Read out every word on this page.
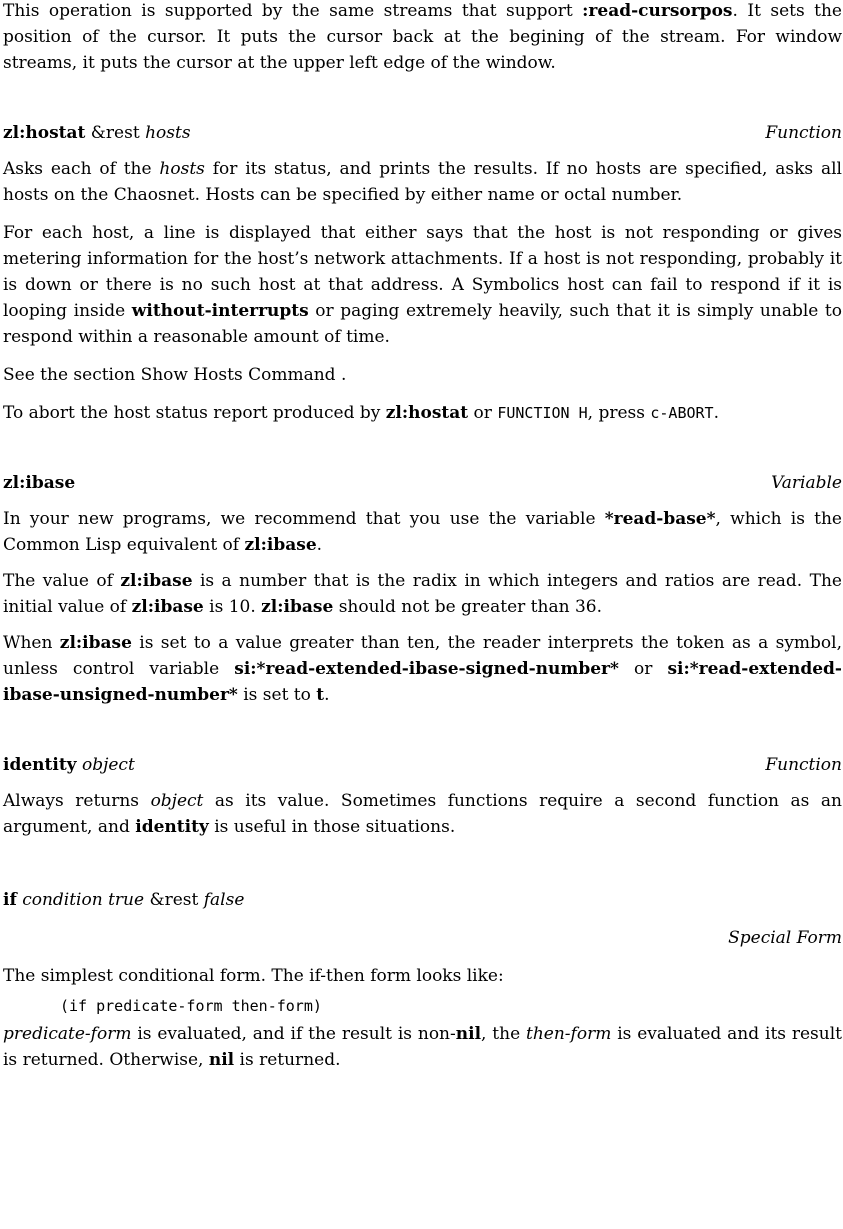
This operation is supported by the same streams that support :read-cursorpos. It sets the position of the cursor. It puts the cursor back at the begining of the stream. For window streams, it puts the cursor at the upper left edge of the window.

zl:hostat &rest hosts	Function

Asks each of the hosts for its status, and prints the results. If no hosts are specified, asks all hosts on the Chaosnet. Hosts can be specified by either name or octal number.

For each host, a line is displayed that either says that the host is not responding or gives metering information for the host’s network attachments. If a host is not responding, probably it is down or there is no such host at that address. A Symbolics host can fail to respond if it is looping inside without-interrupts or paging extremely heavily, such that it is simply unable to respond within a reasonable amount of time.

See the section Show Hosts Command .

To abort the host status report produced by zl:hostat or FUNCTION H, press c-ABORT.

zl:ibase	Variable

In your new programs, we recommend that you use the variable *read-base*, which is the Common Lisp equivalent of zl:ibase.

The value of zl:ibase is a number that is the radix in which integers and ratios are read. The initial value of zl:ibase is 10. zl:ibase should not be greater than 36.

When zl:ibase is set to a value greater than ten, the reader interprets the token as a symbol, unless control variable si:*read-extended-ibase-signed-number* or si:*read-extended-ibase-unsigned-number* is set to t.

identity object	Function

Always returns object as its value. Sometimes functions require a second function as an argument, and identity is useful in those situations.

if condition true &rest false
Special Form

The simplest conditional form. The if-then form looks like:

(if predicate-form then-form)

predicate-form is evaluated, and if the result is non-nil, the then-form is evaluated and its result is returned. Otherwise, nil is returned.
